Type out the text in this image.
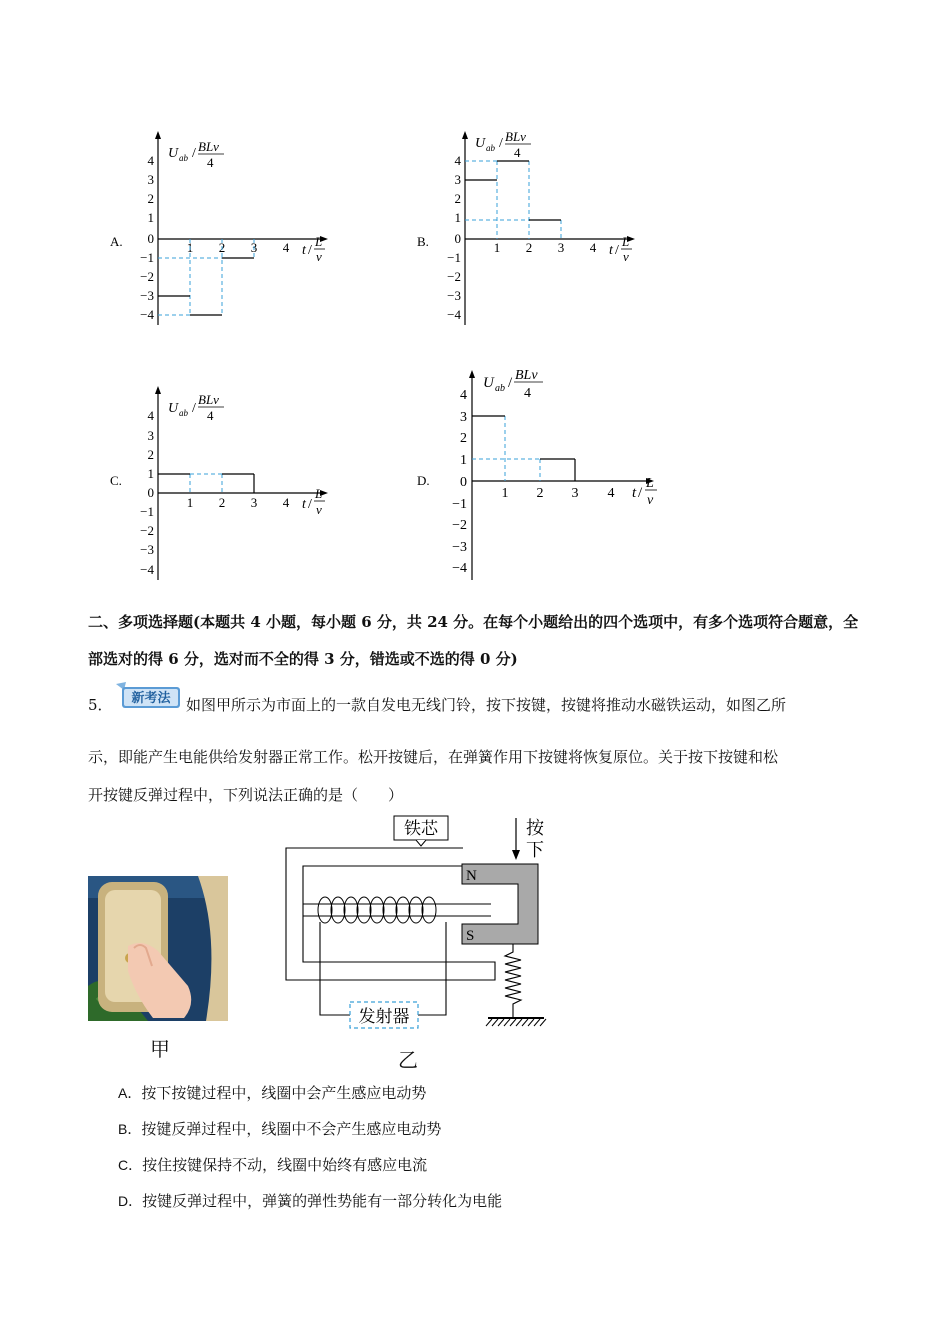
A.
U ab / BLv
4
t /
L
v
4
3
2
1
0
−1
−2
−3
−4
1 2 3 4	B.
U ab / BLv
4
t /
L
v
4
3
2
1
0
−1
−2
−3
−4
1 2 3 4
C.
U ab /
BLv
4
t /
L
v
4
3
2
1
0
−1
−2
−3
−4
1 2 3 4
D.
U ab / BLv
4
t /
L
v
4
3
2
1
0
−1
−2
−3
−4
1 2 3 4
二、多项选择题(本题共 4 小题，每小题 6 分，共 24 分。在每个小题给出的四个选项中，有多个选项符合题意，全部选对的得 6 分，选对而不全的得 3 分，错选或不选的得 0 分)
5． 新考法 如图甲所示为市面上的一款自发电无线门铃，按下按键，按键将推动水磁铁运动，如图乙所
示，即能产生电能供给发射器正常工作。松开按键后，在弹簧作用下按键将恢复原位。关于按下按键和松
开按键反弹过程中，下列说法正确的是（　　）
甲
N
S
铁芯	按
下
发射器
乙
A．按下按键过程中，线圈中会产生感应电动势
B．按键反弹过程中，线圈中不会产生感应电动势
C．按住按键保持不动，线圈中始终有感应电流
D．按键反弹过程中，弹簧的弹性势能有一部分转化为电能
